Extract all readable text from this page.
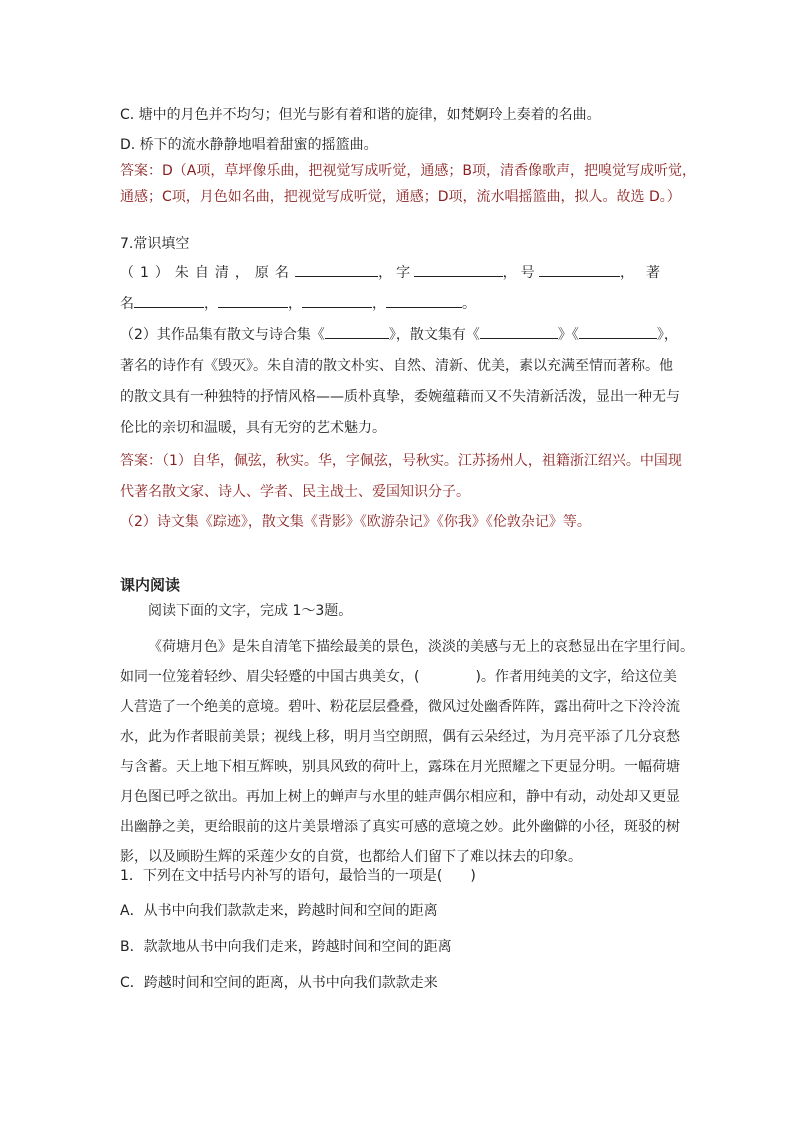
C. 塘中的月色并不均匀；但光与影有着和谐的旋律，如梵婀玲上奏着的名曲。
D. 桥下的流水静静地唱着甜蜜的摇篮曲。
答案：D（A项，草坪像乐曲，把视觉写成听觉，通感；B项，清香像歌声，把嗅觉写成听觉，
通感；C项，月色如名曲，把视觉写成听觉，通感；D项，流水唱摇篮曲，拟人。故选 D。）
7.常识填空
（1）朱自清，原名	，字	，号	，著
名	，	，	，	。
（2）其作品集有散文与诗合集《	》，散文集有《	》《	》，
著名的诗作有《毁灭》。朱自清的散文朴实、自然、清新、优美，素以充满至情而著称。他
的散文具有一种独特的抒情风格——质朴真挚，委婉蕴藉而又不失清新活泼，显出一种无与
伦比的亲切和温暖，具有无穷的艺术魅力。
答案：（1）自华，佩弦，秋实。华，字佩弦，号秋实。江苏扬州人，祖籍浙江绍兴。中国现
代著名散文家、诗人、学者、民主战士、爱国知识分子。
（2）诗文集《踪迹》，散文集《背影》《欧游杂记》《你我》《伦敦杂记》等。
课内阅读
阅读下面的文字，完成 1～3题。
《荷塘月色》是朱自清笔下描绘最美的景色，淡淡的美感与无上的哀愁显出在字里行间。
如同一位笼着轻纱、眉尖轻蹙的中国古典美女，(　　　　)。作者用纯美的文字，给这位美
人营造了一个绝美的意境。碧叶、粉花层层叠叠，微风过处幽香阵阵，露出荷叶之下泠泠流
水，此为作者眼前美景；视线上移，明月当空朗照，偶有云朵经过，为月亮平添了几分哀愁
与含蓄。天上地下相互辉映，别具风致的荷叶上，露珠在月光照耀之下更显分明。一幅荷塘
月色图已呼之欲出。再加上树上的蝉声与水里的蛙声偶尔相应和，静中有动，动处却又更显
出幽静之美，更给眼前的这片美景增添了真实可感的意境之妙。此外幽僻的小径，斑驳的树
影，以及顾盼生辉的采莲少女的自赏，也都给人们留下了难以抹去的印象。
1．下列在文中括号内补写的语句，最恰当的一项是(　　)
A．从书中向我们款款走来，跨越时间和空间的距离
B．款款地从书中向我们走来，跨越时间和空间的距离
C．跨越时间和空间的距离，从书中向我们款款走来
